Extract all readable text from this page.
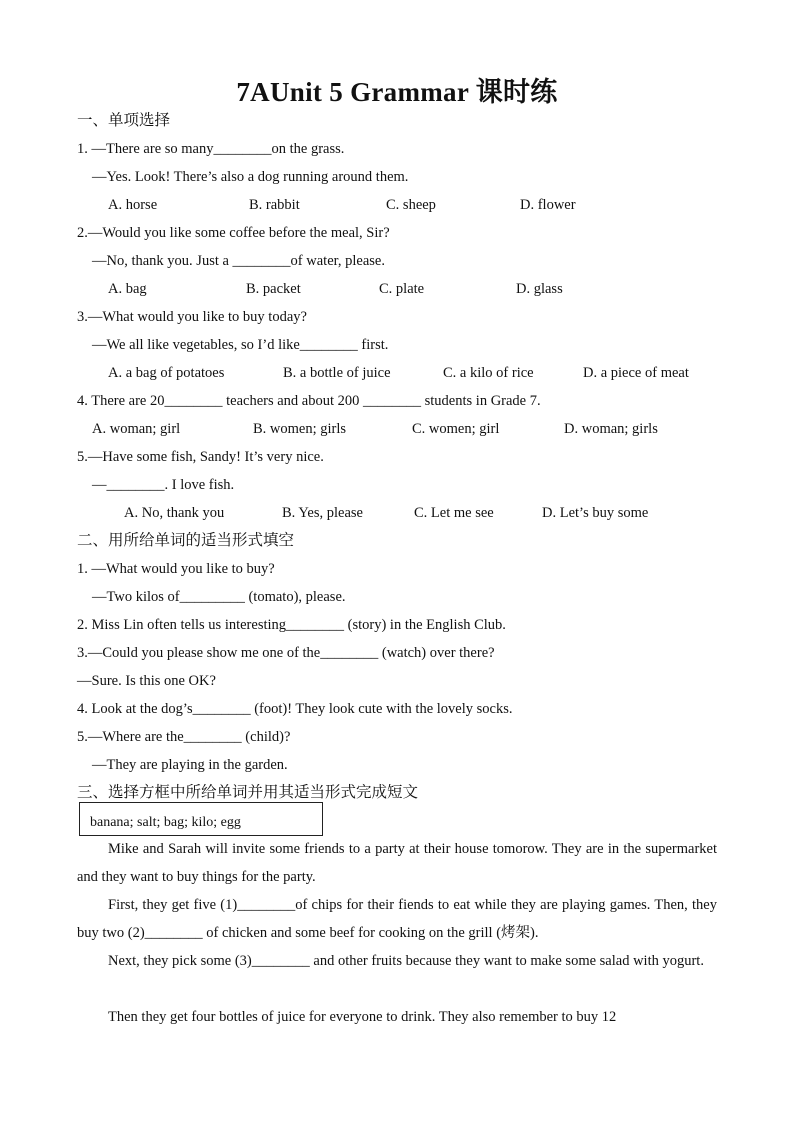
7AUnit 5 Grammar 课时练
一、单项选择
1. —There are so many________on the grass.
—Yes. Look! There’s also a dog running around them.
A. horse	B. rabbit	C. sheep	D. flower
2.—Would you like some coffee before the meal, Sir?
—No, thank you. Just a ________of water, please.
A. bag	B. packet	C. plate	D. glass
3.—What would you like to buy today?
—We all like vegetables, so I’d like________ first.
A. a bag of potatoes	B. a bottle of juice	C. a kilo of rice	D. a piece of meat
4. There are 20________ teachers and about 200 ________ students in Grade 7.
A. woman; girl	B. women; girls	C. women; girl	D. woman; girls
5.—Have some fish, Sandy! It’s very nice.
—________. I love fish.
A. No, thank you	B. Yes, please	C. Let me see	D. Let’s buy some
二、用所给单词的适当形式填空
1. —What would you like to buy?
—Two kilos of_________ (tomato), please.
2. Miss Lin often tells us interesting________ (story) in the English Club.
3.—Could you please show me one of the________ (watch) over there?
—Sure. Is this one OK?
4. Look at the dog’s________ (foot)! They look cute with the lovely socks.
5.—Where are the________ (child)?
—They are playing in the garden.
三、选择方框中所给单词并用其适当形式完成短文
banana; salt; bag; kilo; egg
Mike and Sarah will invite some friends to a party at their house tomorow. They are in the supermarket and they want to buy things for the party.
First, they get five (1)________of chips for their fiends to eat while they are playing games. Then, they buy two (2)________ of chicken and some beef for cooking on the grill (烤架).
Next, they pick some (3)________ and other fruits because they want to make some salad with yogurt.
Then they get four bottles of juice for everyone to drink. They also remember to buy 12
